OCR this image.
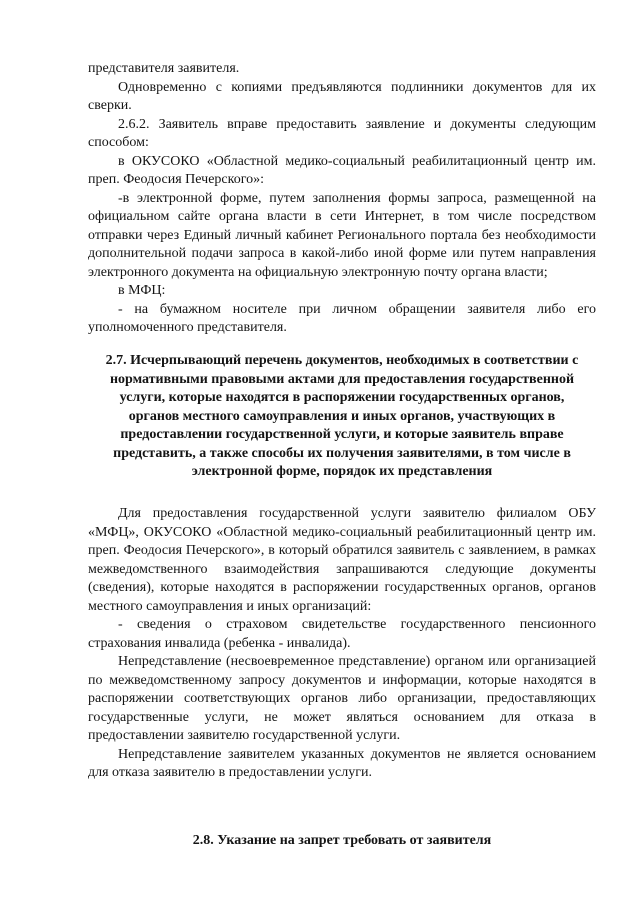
представителя заявителя.

Одновременно с копиями предъявляются подлинники документов для их сверки.

2.6.2. Заявитель вправе предоставить заявление и документы следующим способом:

в ОКУСОКО «Областной медико-социальный реабилитационный центр им. преп. Феодосия Печерского»:

-в электронной форме, путем заполнения формы запроса, размещенной на официальном сайте органа власти в сети Интернет, в том числе посредством отправки через Единый личный кабинет Регионального портала без необходимости дополнительной подачи запроса в какой-либо иной форме или путем направления электронного документа на официальную электронную почту органа власти;

в МФЦ:

- на бумажном носителе при личном обращении заявителя либо его уполномоченного представителя.

2.7. Исчерпывающий перечень документов, необходимых в соответствии с нормативными правовыми актами для предоставления государственной услуги, которые находятся в распоряжении государственных органов, органов местного самоуправления и иных органов, участвующих в предоставлении государственной услуги, и которые заявитель вправе представить, а также способы их получения заявителями, в том числе в электронной форме, порядок их представления

Для предоставления государственной услуги заявителю филиалом ОБУ «МФЦ», ОКУСОКО «Областной медико-социальный реабилитационный центр им. преп. Феодосия Печерского», в который обратился заявитель с заявлением, в рамках межведомственного взаимодействия запрашиваются следующие документы (сведения), которые находятся в распоряжении государственных органов, органов местного самоуправления и иных организаций:

- сведения о страховом свидетельстве государственного пенсионного страхования инвалида (ребенка - инвалида).

Непредставление (несвоевременное представление) органом или организацией по межведомственному запросу документов и информации, которые находятся в распоряжении соответствующих органов либо организации, предоставляющих государственные услуги, не может являться основанием для отказа в предоставлении заявителю государственной услуги.

Непредставление заявителем указанных документов не является основанием для отказа заявителю в предоставлении услуги.

2.8. Указание на запрет требовать от заявителя
